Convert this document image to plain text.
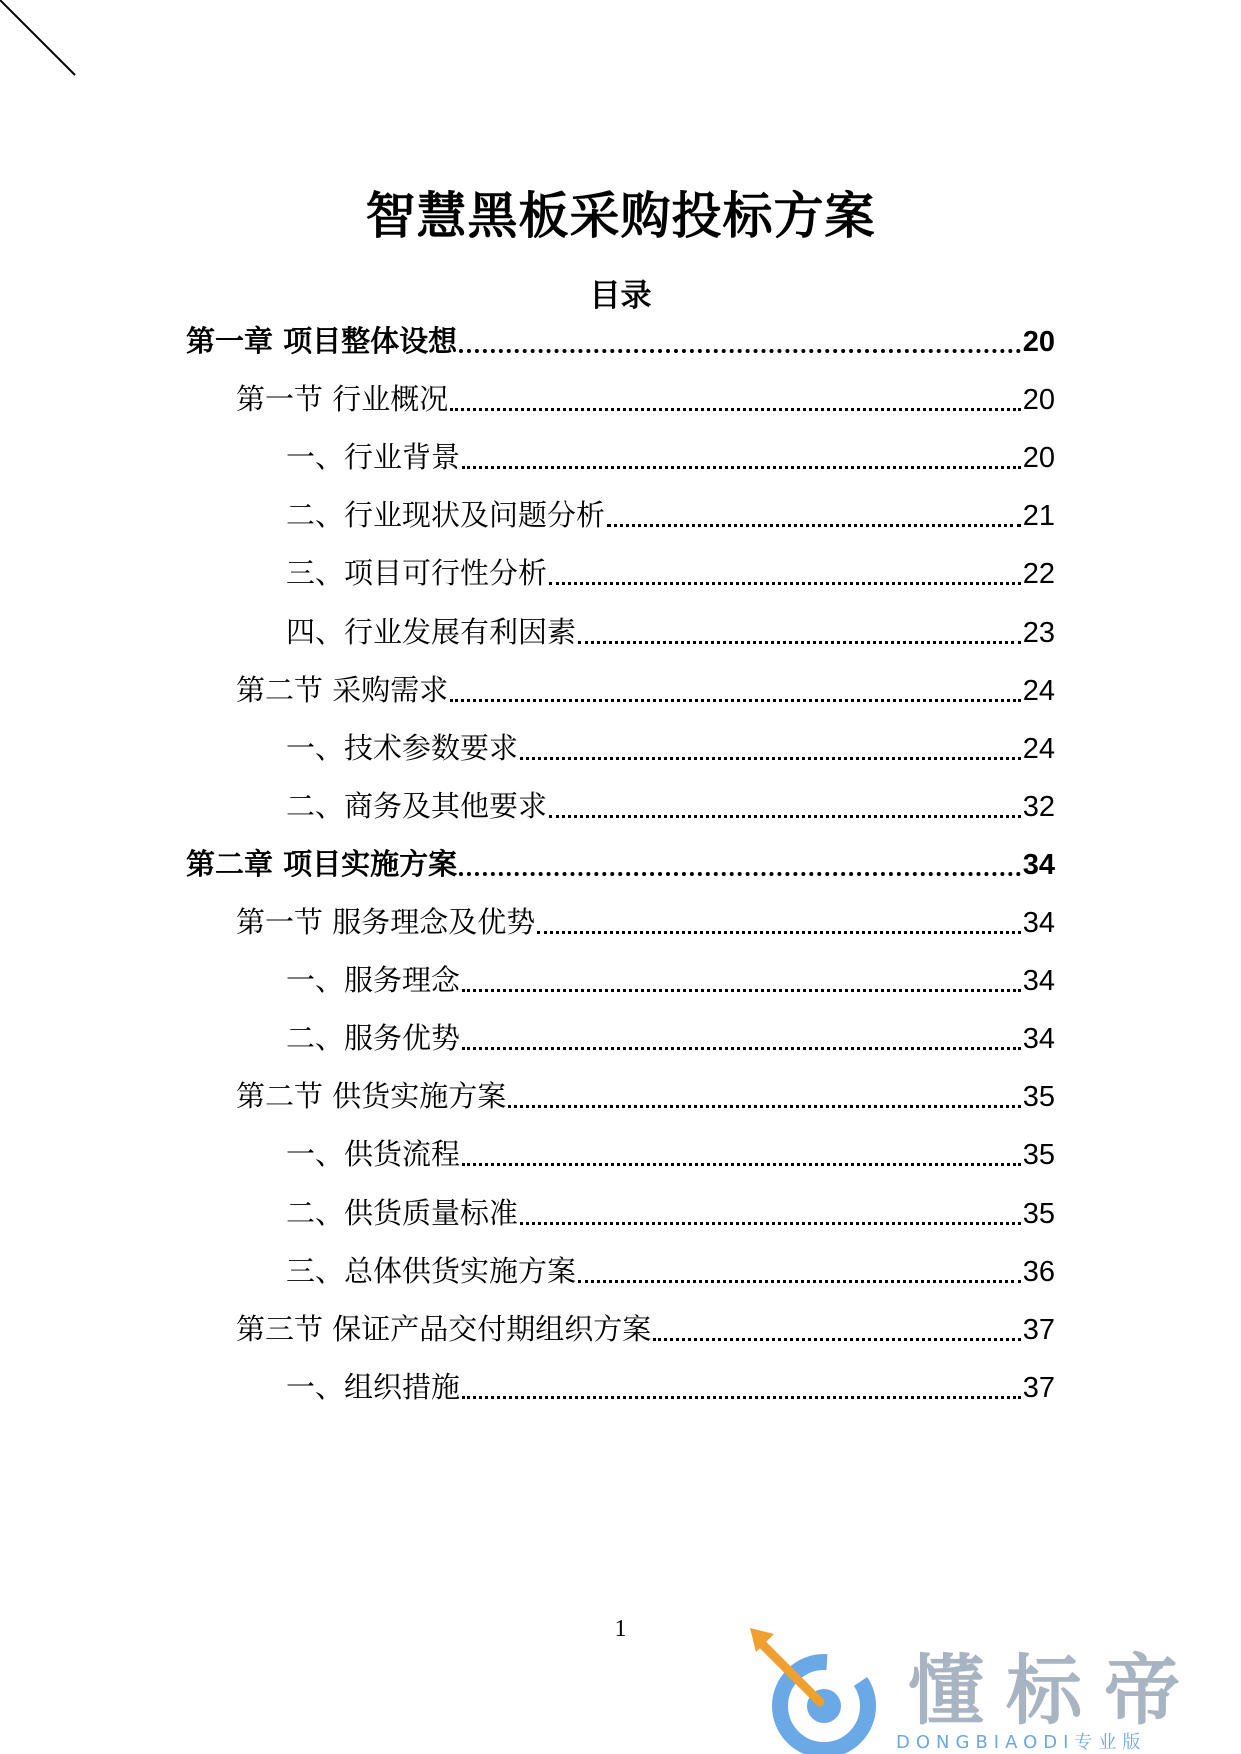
智慧黑板采购投标方案
目录
第一章 项目整体设想	20
第一节 行业概况	20
一、行业背景	20
二、行业现状及问题分析	21
三、项目可行性分析	22
四、行业发展有利因素	23
第二节 采购需求	24
一、技术参数要求	24
二、商务及其他要求	32
第二章 项目实施方案	34
第一节 服务理念及优势	34
一、服务理念	34
二、服务优势	34
第二节 供货实施方案	35
一、供货流程	35
二、供货质量标准	35
三、总体供货实施方案	36
第三节 保证产品交付期组织方案	37
一、组织措施	37
1
懂标帝
DONGBIAODI专业版
